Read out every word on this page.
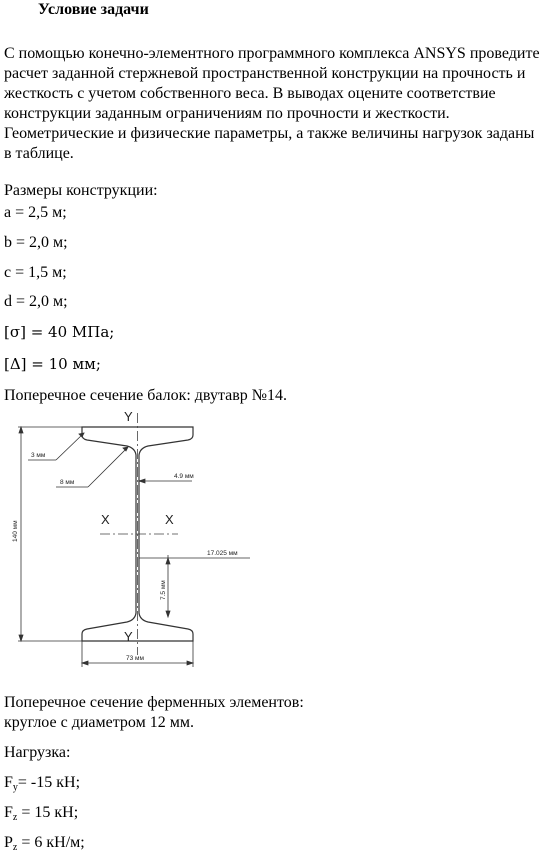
Условие задачи
С помощью конечно-элементного программного комплекса ANSYS проведите расчет заданной стержневой пространственной конструкции на прочность и жесткость с учетом собственного веса. В выводах оцените соответствие конструкции заданным ограничениям по прочности и жесткости. Геометрические и физические параметры, а также величины нагрузок заданы в таблице.
Размеры конструкции:
a = 2,5 м;
b = 2,0 м;
c = 1,5 м;
d = 2,0 м;
[σ] = 40 МПа;
[Δ] = 10 мм;
Поперечное сечение балок: двутавр №14.
3 мм
8 мм
4.9 мм
17.025 мм
7.5 мм
140 мм
73 мм
Y
Y
X	X
Поперечное сечение ферменных элементов:
круглое с диаметром 12 мм.
Нагрузка:
$F_y= -15$ кН;
$F_z = 15$ кН;
$P_z = 6$ кН/м;
